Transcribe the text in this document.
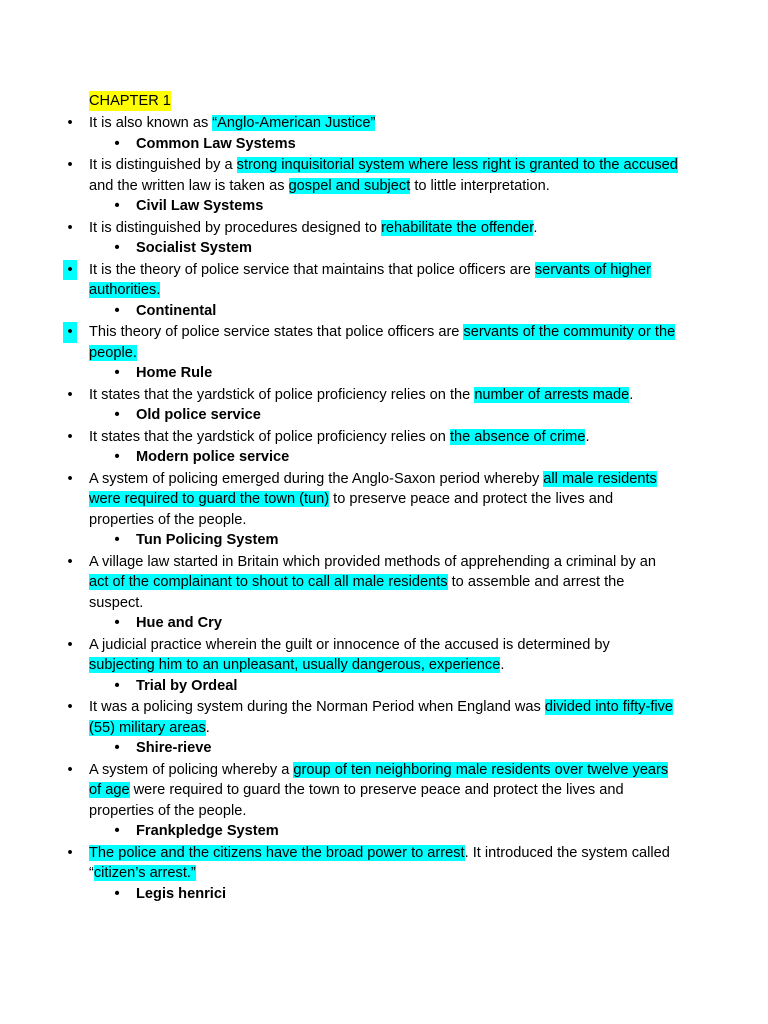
CHAPTER 1
• It is also known as “Anglo-American Justice”
• Common Law Systems
• It is distinguished by a strong inquisitorial system where less right is granted to the accused and the written law is taken as gospel and subject to little interpretation.
• Civil Law Systems
• It is distinguished by procedures designed to rehabilitate the offender.
• Socialist System
•	It is the theory of police service that maintains that police officers are servants of higher authorities.
• Continental
•	This theory of police service states that police officers are servants of the community or the people.
• Home Rule
• It states that the yardstick of police proficiency relies on the number of arrests made.
• Old police service
• It states that the yardstick of police proficiency relies on the absence of crime.
• Modern police service
• A system of policing emerged during the Anglo-Saxon period whereby all male residents were required to guard the town (tun) to preserve peace and protect the lives and properties of the people.
• Tun Policing System
• A village law started in Britain which provided methods of apprehending a criminal by an act of the complainant to shout to call all male residents to assemble and arrest the suspect.
• Hue and Cry
• A judicial practice wherein the guilt or innocence of the accused is determined by subjecting him to an unpleasant, usually dangerous, experience.
• Trial by Ordeal
• It was a policing system during the Norman Period when England was divided into fifty-five (55) military areas.
• Shire-rieve
• A system of policing whereby a group of ten neighboring male residents over twelve years of age were required to guard the town to preserve peace and protect the lives and properties of the people.
• Frankpledge System
• The police and the citizens have the broad power to arrest. It introduced the system called “citizen’s arrest.”
• Legis henrici
